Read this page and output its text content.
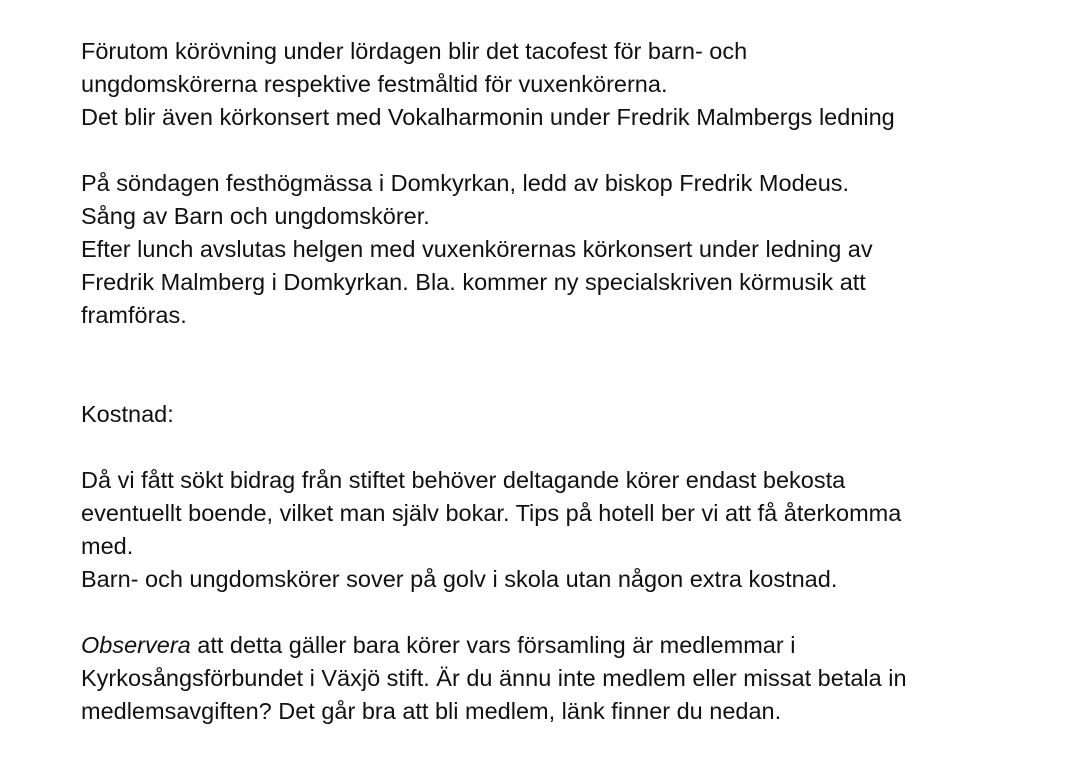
Förutom körövning under lördagen blir det tacofest för barn- och
ungdomskörerna respektive festmåltid för vuxenkörerna.
Det blir även körkonsert med Vokalharmonin under Fredrik Malmbergs ledning
På söndagen festhögmässa i Domkyrkan, ledd av biskop Fredrik Modeus.
Sång av Barn och ungdomskörer.
Efter lunch avslutas helgen med vuxenkörernas körkonsert under ledning av
Fredrik Malmberg i Domkyrkan. Bla. kommer ny specialskriven körmusik att
framföras.
Kostnad:
Då vi fått sökt bidrag från stiftet behöver deltagande körer endast bekosta
eventuellt boende, vilket man själv bokar. Tips på hotell ber vi att få återkomma
med.
Barn- och ungdomskörer sover på golv i skola utan någon extra kostnad.
Observera att detta gäller bara körer vars församling är medlemmar i
Kyrkosångsförbundet i Växjö stift. Är du ännu inte medlem eller missat betala in
medlemsavgiften? Det går bra att bli medlem, länk finner du nedan.
